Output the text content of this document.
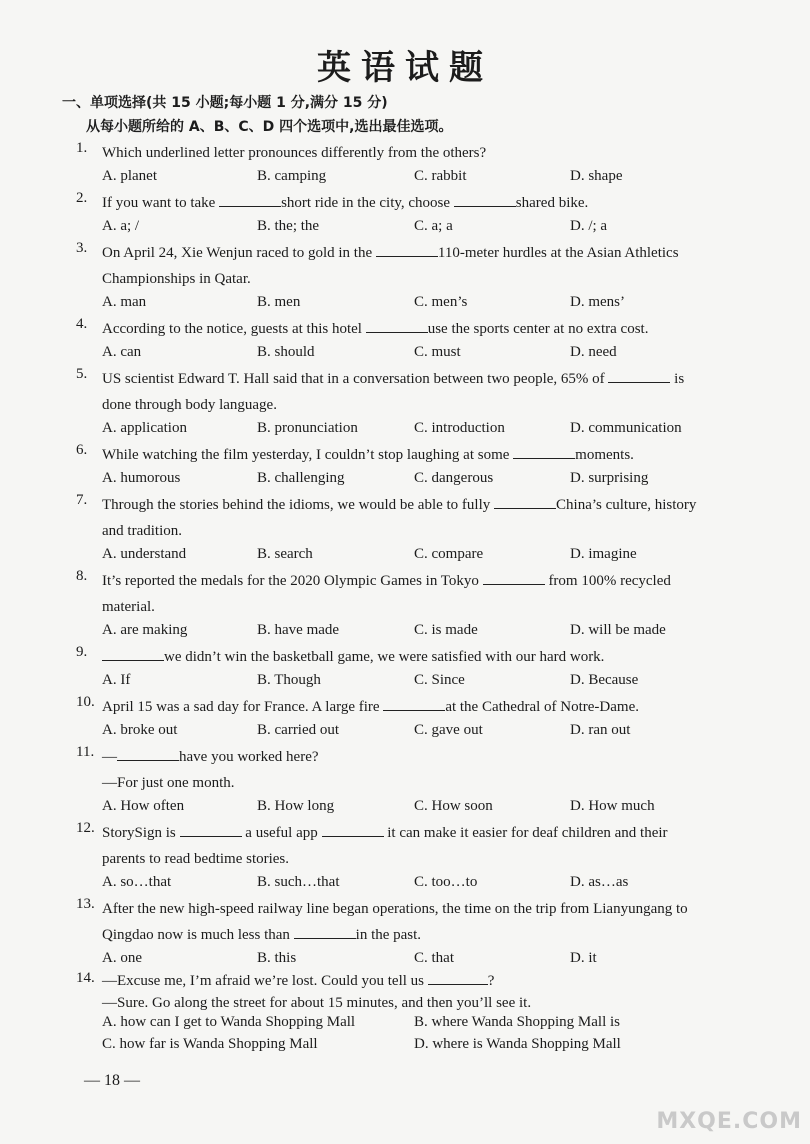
英语试题
一、单项选择(共 15 小题;每小题 1 分,满分 15 分)
从每小题所给的 A、B、C、D 四个选项中,选出最佳选项。
1. Which underlined letter pronounces differently from the others?
A. planet	B. camping	C. rabbit	D. shape
2. If you want to take	short ride in the city, choose	shared bike.
A. a; /	B. the; the	C. a; a	D. /; a
3. On April 24, Xie Wenjun raced to gold in the	110-meter hurdles at the Asian Athletics
Championships in Qatar.
A. man	B. men	C. men’s	D. mens’
4. According to the notice, guests at this hotel	use the sports center at no extra cost.
A. can	B. should	C. must	D. need
5. US scientist Edward T. Hall said that in a conversation between two people, 65% of	is
done through body language.
A. application	B. pronunciation	C. introduction	D. communication
6. While watching the film yesterday, I couldn’t stop laughing at some	moments.
A. humorous	B. challenging	C. dangerous	D. surprising
7. Through the stories behind the idioms, we would be able to fully	China’s culture, history
and tradition.
A. understand	B. search	C. compare	D. imagine
8. It’s reported the medals for the 2020 Olympic Games in Tokyo	from 100% recycled
material.
A. are making	B. have made	C. is made	D. will be made
9.	we didn’t win the basketball game, we were satisfied with our hard work.
A. If	B. Though	C. Since	D. Because
10. April 15 was a sad day for France. A large fire	at the Cathedral of Notre-Dame.
A. broke out	B. carried out	C. gave out	D. ran out
11. —	have you worked here?
—For just one month.
A. How often	B. How long	C. How soon	D. How much
12. StorySign is	a useful app	it can make it easier for deaf children and their
parents to read bedtime stories.
A. so…that	B. such…that	C. too…to	D. as…as
13. After the new high-speed railway line began operations, the time on the trip from Lianyungang to
Qingdao now is much less than	in the past.
A. one	B. this	C. that	D. it
14. —Excuse me, I’m afraid we’re lost. Could you tell us	?
—Sure. Go along the street for about 15 minutes, and then you’ll see it.
A. how can I get to Wanda Shopping Mall	B. where Wanda Shopping Mall is
C. how far is Wanda Shopping Mall	D. where is Wanda Shopping Mall
— 18 —
MXQE.COM
